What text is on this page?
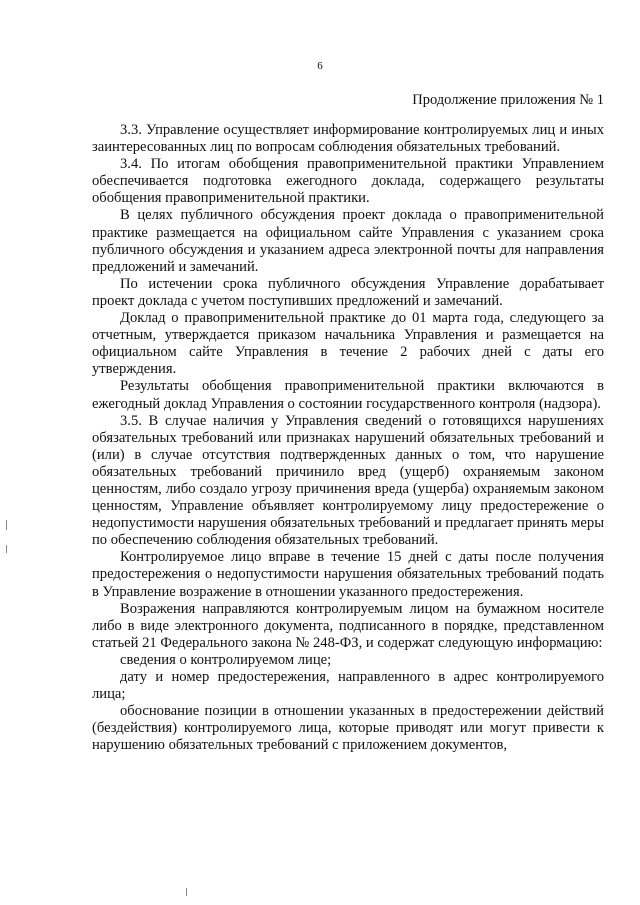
6
Продолжение приложения № 1

3.3. Управление осуществляет информирование контролируемых лиц и иных заинтересованных лиц по вопросам соблюдения обязательных требований.

3.4. По итогам обобщения правоприменительной практики Управлением обеспечивается подготовка ежегодного доклада, содержащего результаты обобщения правоприменительной практики.

В целях публичного обсуждения проект доклада о правоприменительной практике размещается на официальном сайте Управления с указанием срока публичного обсуждения и указанием адреса электронной почты для направления предложений и замечаний.

По истечении срока публичного обсуждения Управление дорабатывает проект доклада с учетом поступивших предложений и замечаний.

Доклад о правоприменительной практике до 01 марта года, следующего за отчетным, утверждается приказом начальника Управления и размещается на официальном сайте Управления в течение 2 рабочих дней с даты его утверждения.

Результаты обобщения правоприменительной практики включаются в ежегодный доклад Управления о состоянии государственного контроля (надзора).

3.5. В случае наличия у Управления сведений о готовящихся нарушениях обязательных требований или признаках нарушений обязательных требований и (или) в случае отсутствия подтвержденных данных о том, что нарушение обязательных требований причинило вред (ущерб) охраняемым законом ценностям, либо создало угрозу причинения вреда (ущерба) охраняемым законом ценностям, Управление объявляет контролируемому лицу предостережение о недопустимости нарушения обязательных требований и предлагает принять меры по обеспечению соблюдения обязательных требований.

Контролируемое лицо вправе в течение 15 дней с даты после получения предостережения о недопустимости нарушения обязательных требований подать в Управление возражение в отношении указанного предостережения.

Возражения направляются контролируемым лицом на бумажном носителе либо в виде электронного документа, подписанного в порядке, представленном статьей 21 Федерального закона № 248-ФЗ, и содержат следующую информацию:

сведения о контролируемом лице;

дату и номер предостережения, направленного в адрес контролируемого лица;

обоснование позиции в отношении указанных в предостережении действий (бездействия) контролируемого лица, которые приводят или могут привести к нарушению обязательных требований с приложением документов,
